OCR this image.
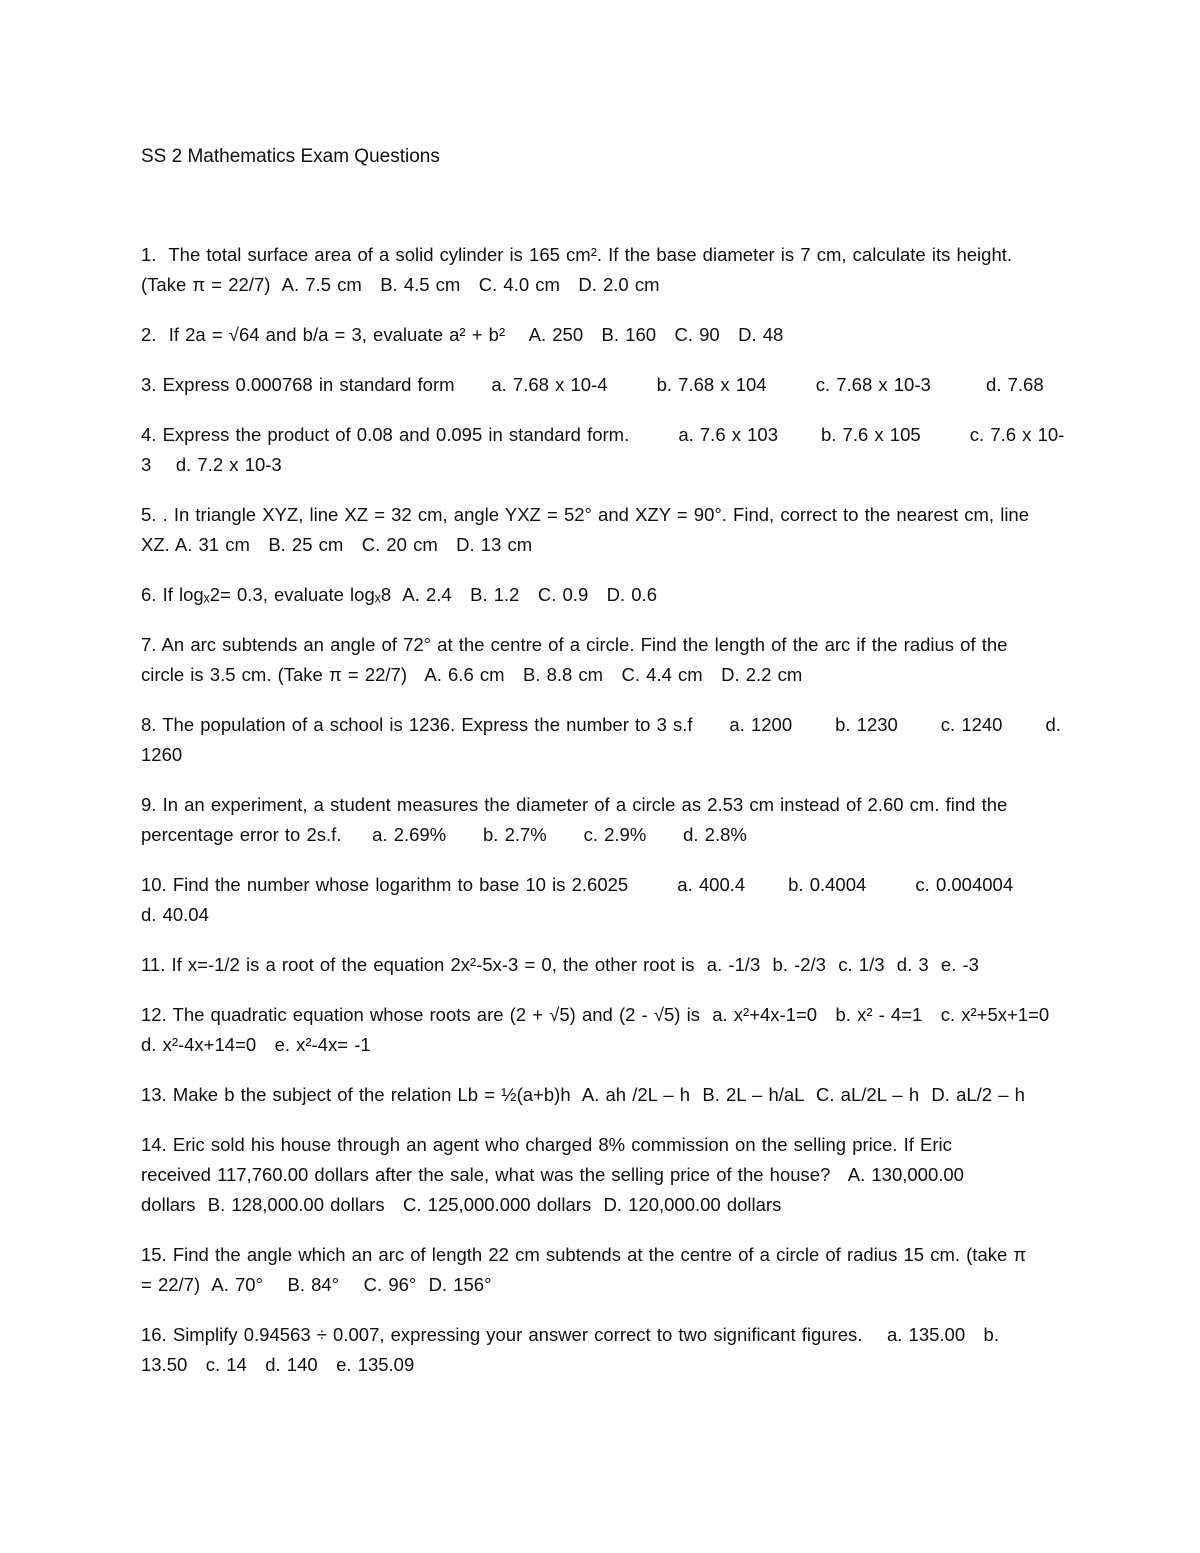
SS 2 Mathematics Exam Questions
1.  The total surface area of a solid cylinder is 165 cm². If the base diameter is 7 cm, calculate its height.
(Take π = 22/7)  A. 7.5 cm   B. 4.5 cm   C. 4.0 cm   D. 2.0 cm
2.  If 2a = √64 and b/a = 3, evaluate a² + b²    A. 250   B. 160   C. 90   D. 48
3. Express 0.000768 in standard form      a. 7.68 x 10-4        b. 7.68 x 104        c. 7.68 x 10-3         d. 7.68
4. Express the product of 0.08 and 0.095 in standard form.        a. 7.6 x 103       b. 7.6 x 105        c. 7.6 x 10-
3    d. 7.2 x 10-3
5. . In triangle XYZ, line XZ = 32 cm, angle YXZ = 52° and XZY = 90°. Find, correct to the nearest cm, line
XZ. A. 31 cm   B. 25 cm   C. 20 cm   D. 13 cm
6. If logₓ2= 0.3, evaluate logₓ8  A. 2.4   B. 1.2   C. 0.9   D. 0.6
7. An arc subtends an angle of 72° at the centre of a circle. Find the length of the arc if the radius of the
circle is 3.5 cm. (Take π = 22/7)   A. 6.6 cm   B. 8.8 cm   C. 4.4 cm   D. 2.2 cm
8. The population of a school is 1236. Express the number to 3 s.f      a. 1200       b. 1230       c. 1240       d.
1260
9. In an experiment, a student measures the diameter of a circle as 2.53 cm instead of 2.60 cm. find the
percentage error to 2s.f.     a. 2.69%      b. 2.7%      c. 2.9%      d. 2.8%
10. Find the number whose logarithm to base 10 is 2.6025        a. 400.4       b. 0.4004        c. 0.004004
d. 40.04
11. If x=-1/2 is a root of the equation 2x²-5x-3 = 0, the other root is  a. -1/3  b. -2/3  c. 1/3  d. 3  e. -3
12. The quadratic equation whose roots are (2 + √5) and (2 - √5) is  a. x²+4x-1=0   b. x² - 4=1   c. x²+5x+1=0
d. x²-4x+14=0   e. x²-4x= -1
13. Make b the subject of the relation Lb = ½(a+b)h  A. ah /2L – h  B. 2L – h/aL  C. aL/2L – h  D. aL/2 – h
14. Eric sold his house through an agent who charged 8% commission on the selling price. If Eric
received 117,760.00 dollars after the sale, what was the selling price of the house?   A. 130,000.00
dollars  B. 128,000.00 dollars   C. 125,000.000 dollars  D. 120,000.00 dollars
15. Find the angle which an arc of length 22 cm subtends at the centre of a circle of radius 15 cm. (take π
= 22/7)  A. 70°    B. 84°    C. 96°  D. 156°
16. Simplify 0.94563 ÷ 0.007, expressing your answer correct to two significant figures.    a. 135.00   b.
13.50   c. 14   d. 140   e. 135.09
